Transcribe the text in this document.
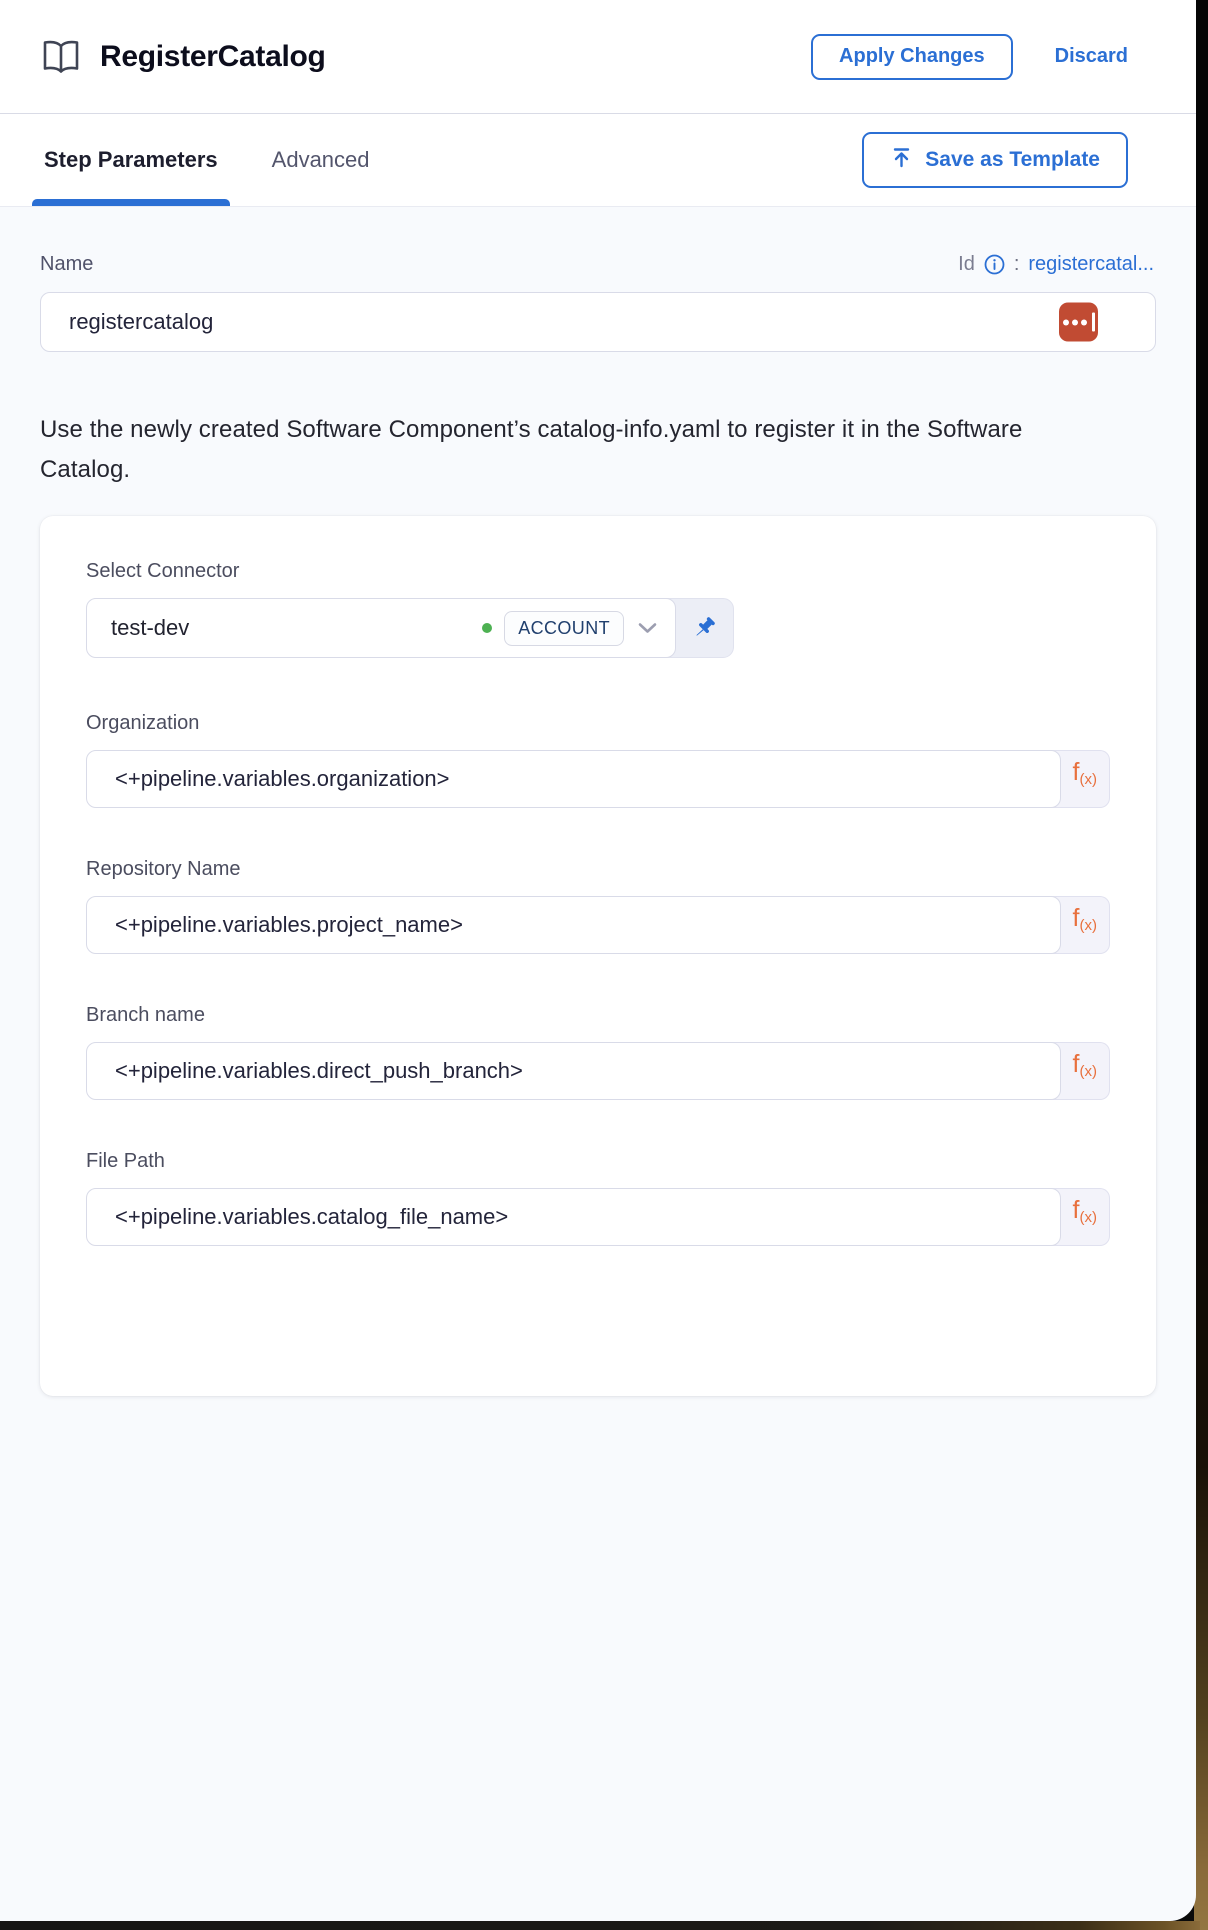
RegisterCatalog	Apply Changes	Discard
Step Parameters Advanced	Save as Template
Name	Id : registercatal...
registercatalog

Use the newly created Software Component’s catalog-info.yaml to register it in the Software Catalog.

Select Connector
test-dev	ACCOUNT
Organization
<+pipeline.variables.organization>
f (x)
Repository Name
<+pipeline.variables.project_name>
f (x)
Branch name
<+pipeline.variables.direct_push_branch>
f (x)
File Path
<+pipeline.variables.catalog_file_name>
f (x)
